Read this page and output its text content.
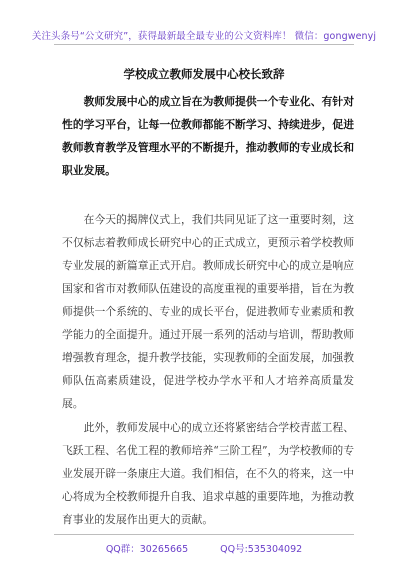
关注头条号“公文研究”，获得最新最全最专业的公文资料库！ 微信：gongwenyj
学校成立教师发展中心校长致辞

教师发展中心的成立旨在为教师提供一个专业化、有针对性的学习平台，让每一位教师都能不断学习、持续进步，促进教师教育教学及管理水平的不断提升，推动教师的专业成长和职业发展。

在今天的揭牌仪式上，我们共同见证了这一重要时刻，这不仅标志着教师成长研究中心的正式成立，更预示着学校教师专业发展的新篇章正式开启。教师成长研究中心的成立是响应国家和省市对教师队伍建设的高度重视的重要举措，旨在为教师提供一个系统的、专业的成长平台，促进教师专业素质和教学能力的全面提升。通过开展一系列的活动与培训，帮助教师增强教育理念，提升教学技能，实现教师的全面发展，加强教师队伍高素质建设，促进学校办学水平和人才培养高质量发展。

此外，教师发展中心的成立还将紧密结合学校青蓝工程、飞跃工程、名优工程的教师培养“三阶工程”，为学校教师的专业发展开辟一条康庄大道。我们相信，在不久的将来，这一中心将成为全校教师提升自我、追求卓越的重要阵地，为推动教育事业的发展作出更大的贡献。

QQ群：30265665	QQ号:535304092
